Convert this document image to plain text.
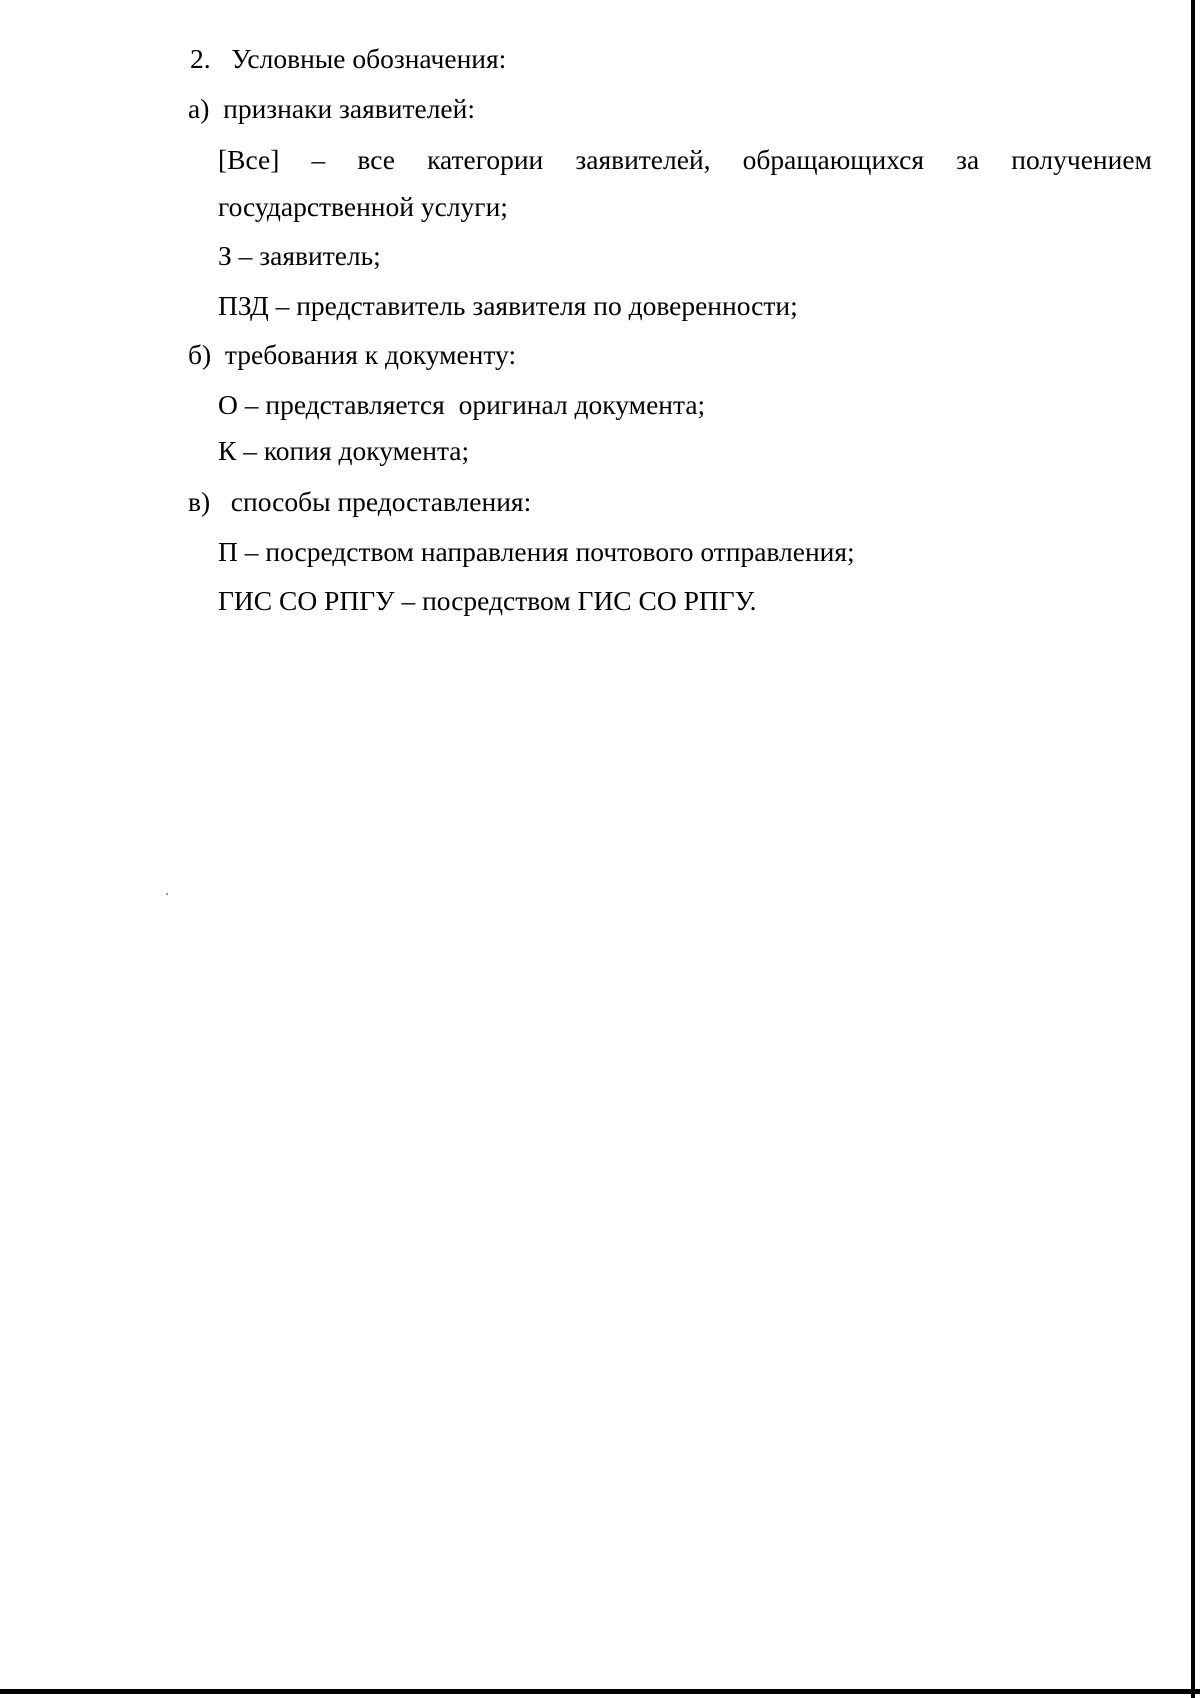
2. Условные обозначения:
а) признаки заявителей:
[Все] – все категории заявителей, обращающихся за получением
государственной услуги;
З – заявитель;
ПЗД – представитель заявителя по доверенности;
б) требования к документу:
О – представляется  оригинал документа;
К – копия документа;
в) способы предоставления:
П – посредством направления почтового отправления;
ГИС СО РПГУ – посредством ГИС СО РПГУ.
